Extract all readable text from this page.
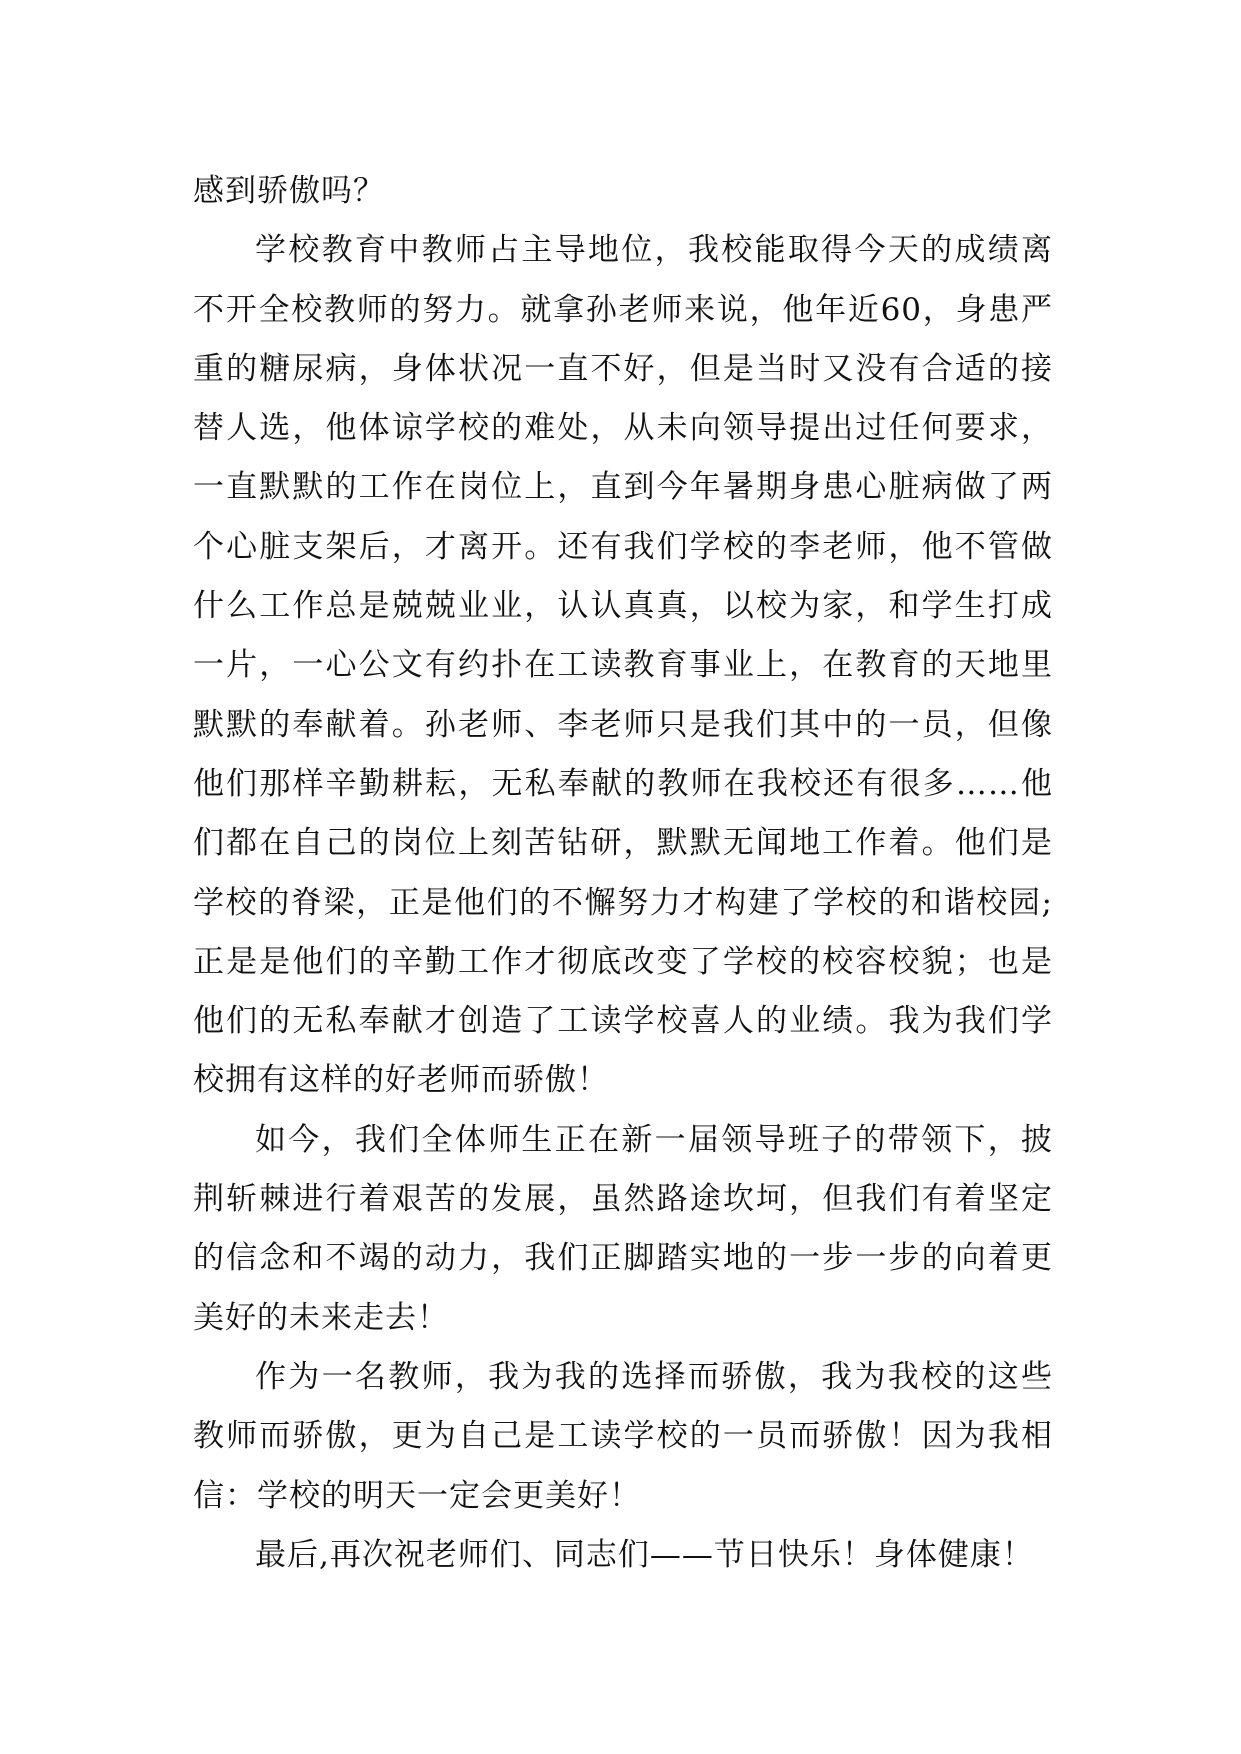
感到骄傲吗？

学校教育中教师占主导地位，我校能取得今天的成绩离不开全校教师的努力。就拿孙老师来说，他年近60，身患严重的糖尿病，身体状况一直不好，但是当时又没有合适的接替人选，他体谅学校的难处，从未向领导提出过任何要求，一直默默的工作在岗位上，直到今年暑期身患心脏病做了两个心脏支架后，才离开。还有我们学校的李老师，他不管做什么工作总是兢兢业业，认认真真，以校为家，和学生打成一片，一心公文有约扑在工读教育事业上，在教育的天地里默默的奉献着。孙老师、李老师只是我们其中的一员，但像他们那样辛勤耕耘，无私奉献的教师在我校还有很多……他们都在自己的岗位上刻苦钻研，默默无闻地工作着。他们是学校的脊梁，正是他们的不懈努力才构建了学校的和谐校园;正是是他们的辛勤工作才彻底改变了学校的校容校貌；也是他们的无私奉献才创造了工读学校喜人的业绩。我为我们学校拥有这样的好老师而骄傲！

如今，我们全体师生正在新一届领导班子的带领下，披荆斩棘进行着艰苦的发展，虽然路途坎坷，但我们有着坚定的信念和不竭的动力，我们正脚踏实地的一步一步的向着更美好的未来走去！

作为一名教师，我为我的选择而骄傲，我为我校的这些教师而骄傲，更为自己是工读学校的一员而骄傲！因为我相信：学校的明天一定会更美好！

最后,再次祝老师们、同志们——节日快乐！身体健康！
